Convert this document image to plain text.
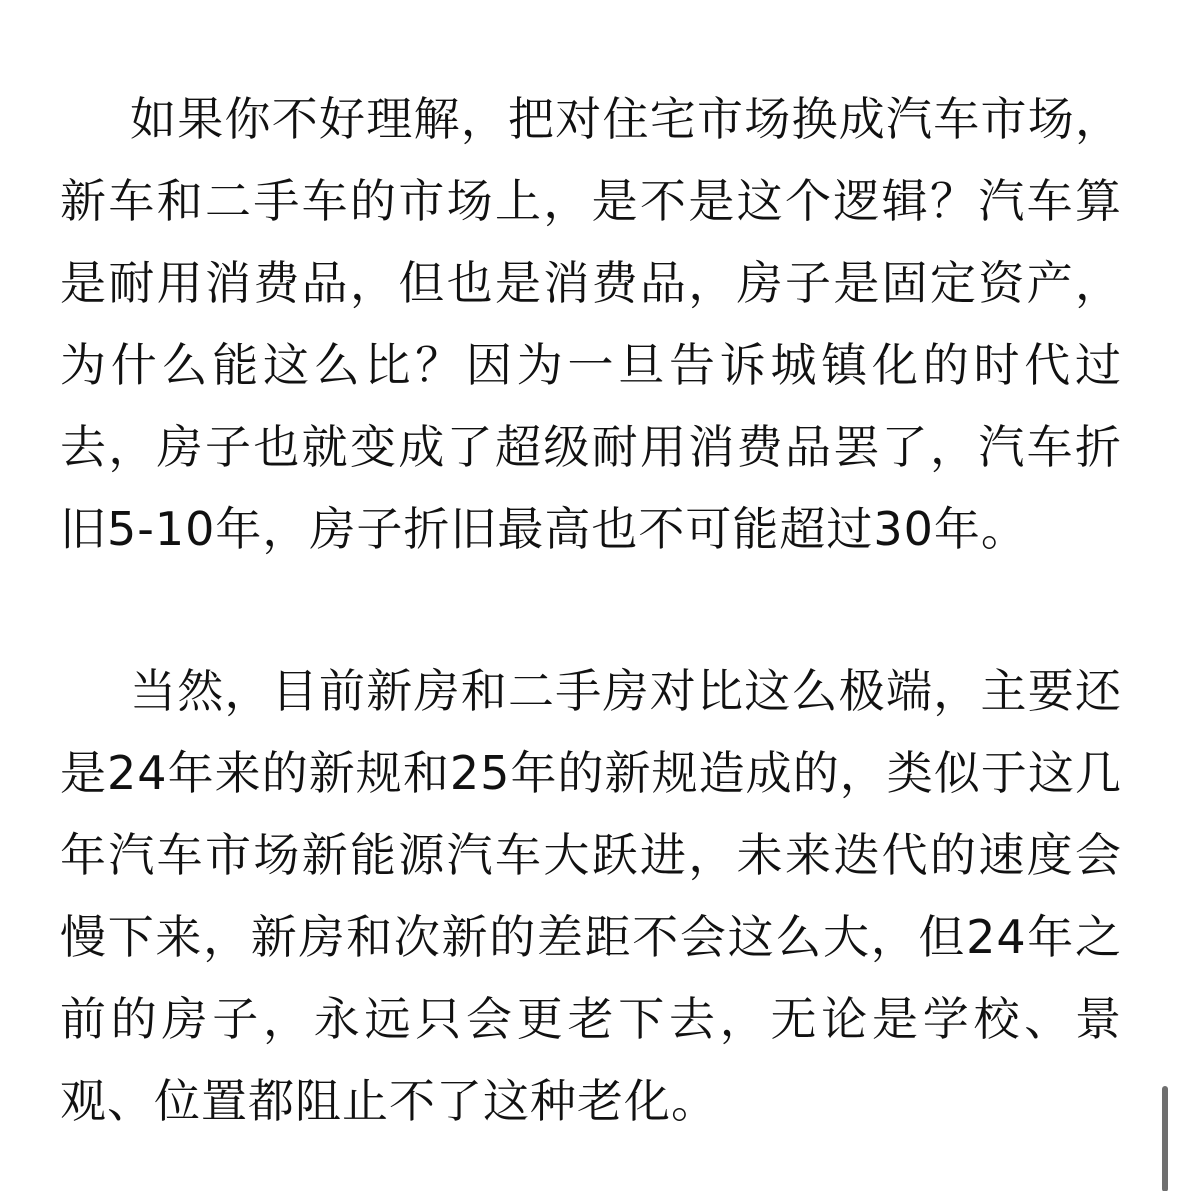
如果你不好理解，把对住宅市场换成汽车市场，新车和二手车的市场上，是不是这个逻辑？汽车算是耐用消费品，但也是消费品，房子是固定资产，为什么能这么比？因为一旦告诉城镇化的时代过去，房子也就变成了超级耐用消费品罢了，汽车折旧5-10年，房子折旧最高也不可能超过30年。

当然，目前新房和二手房对比这么极端，主要还是24年来的新规和25年的新规造成的，类似于这几年汽车市场新能源汽车大跃进，未来迭代的速度会慢下来，新房和次新的差距不会这么大，但24年之前的房子，永远只会更老下去，无论是学校、景观、位置都阻止不了这种老化。
